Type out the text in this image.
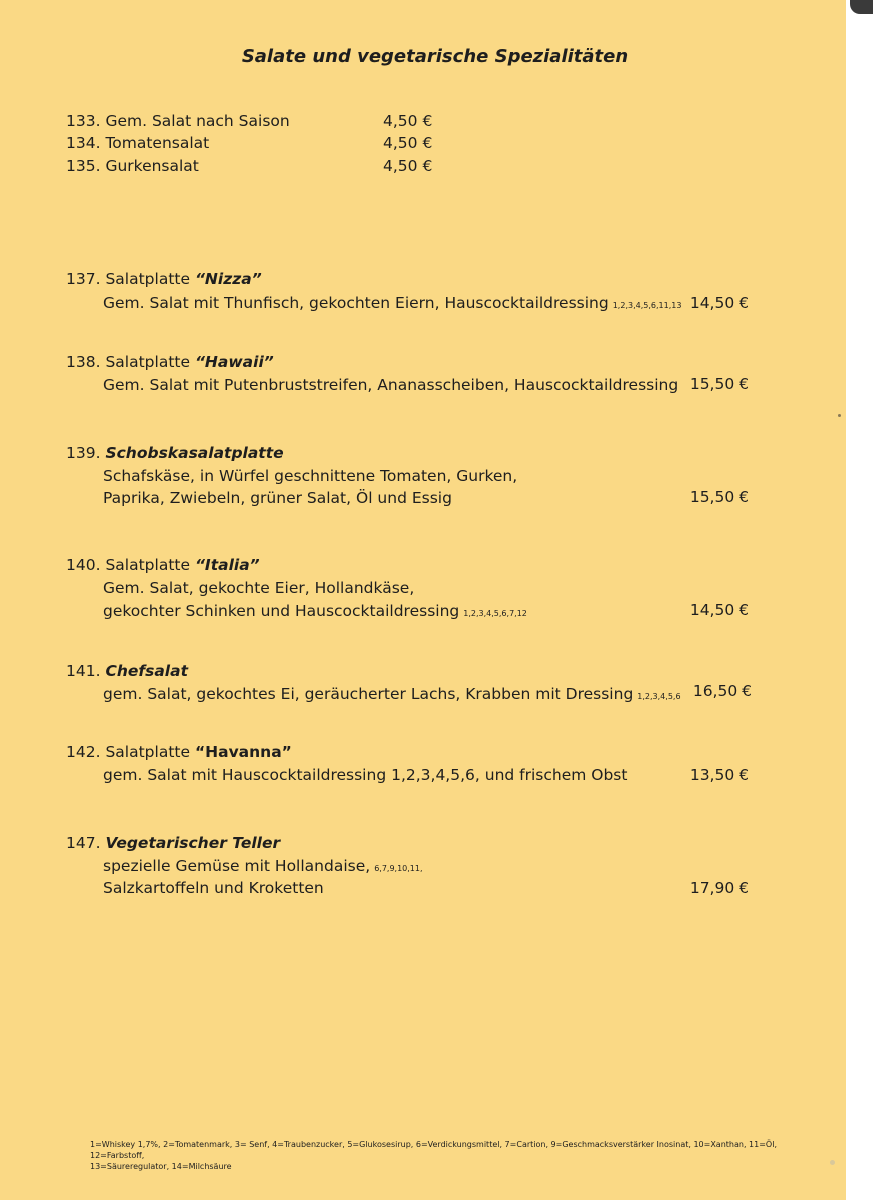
Salate und vegetarische Spezialitäten
133. Gem. Salat nach Saison	4,50 €
134. Tomatensalat	4,50 €
135. Gurkensalat	4,50 €
137. Salatplatte “Nizza”
Gem. Salat mit Thunfisch, gekochten Eiern, Hauscocktaildressing 1,2,3,4,5,6,11,13 14,50 €
138. Salatplatte “Hawaii”
Gem. Salat mit Putenbruststreifen, Ananasscheiben, Hauscocktaildressing 15,50 €
139. Schobskasalatplatte
Schafskäse, in Würfel geschnittene Tomaten, Gurken,
Paprika, Zwiebeln, grüner Salat, Öl und Essig	15,50 €
140. Salatplatte “Italia”
Gem. Salat, gekochte Eier, Hollandkäse,
gekochter Schinken und Hauscocktaildressing 1,2,3,4,5,6,7,12	14,50 €
141. Chefsalat
gem. Salat, gekochtes Ei, geräucherter Lachs, Krabben mit Dressing 1,2,3,4,5,6 16,50 €
142. Salatplatte “Havanna”
gem. Salat mit Hauscocktaildressing 1,2,3,4,5,6, und frischem Obst	13,50 €
147. Vegetarischer Teller
spezielle Gemüse mit Hollandaise, 6,7,9,10,11,
Salzkartoffeln und Kroketten	17,90 €
1=Whiskey 1,7%, 2=Tomatenmark, 3= Senf, 4=Traubenzucker, 5=Glukosesirup, 6=Verdickungsmittel, 7=Cartion, 9=Geschmacksverstärker Inosinat, 10=Xanthan, 11=Öl, 12=Farbstoff,
13=Säureregulator, 14=Milchsäure
